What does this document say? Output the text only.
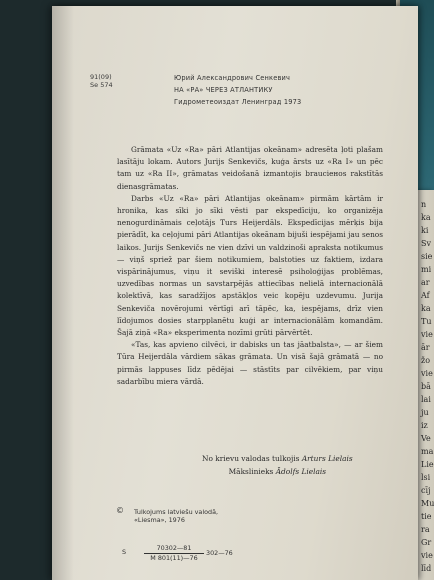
n
ka
ki
Sv
sie
mi
ar
Af
ka
Tu
vie
ār
žo
vie
bā
lai
ju
iz
Ve
ma
Lie
lsi
cīj
Mu
tie
ra
Gr
vie
līd
91(09)
Se 574
Юрий Александрович Сенкевич
НА «РА» ЧЕРЕЗ АТЛАНТИКУ
Гидрометеоиздат Ленинград 1973

Grāmata «Uz «Ra» pāri Atlantijas okeānam» adresēta ļoti plašam lasītāju lokam. Autors Jurijs Senkevičs, kuģa ārsts uz «Ra I» un pēc tam uz «Ra II», grāmatas veidošanā izmantojis brauciенos rakstītās dienasgrāmatas.

Darbs «Uz «Ra» pāri Atlantijas okeānam» pirmām kārtām ir hronika, kas sīki jo sīki vēsti par ekspedīciju, ko organizēja nenogurdināmais ceļotājs Turs Heijerdāls. Ekspedīcijas mērķis bija pierādīt, ka ceļojumi pāri Atlantijas okeānam bijuši iespējami jau senos laikos. Jurijs Senkevičs ne vien dzīvi un valdzinoši apraksta notikumus — viņš spriež par šiem notikumiem, balstoties uz faktiem, izdara vispārinājumus, viņu it seviški interesē psiholoģijas problēmas, uzvedības normas un savstarpējās attiecības nelielā internacionālā kolektīvā, kas saradžījos apstākļos veic kopēju uzdevumu. Jurija Senkeviča novērojumi vērtīgi arī tāpēc, ka, iespējams, drīz vien līdojumos dosies starpplanētu kuģi ar internacionālām komandām. Šajā ziņā «Ra» eksperimenta nozīmi grūti pārvērtēt.

«Tas, kas apvieno cilvēci, ir dabisks un tas jāatbalsta», — ar šiem Tūra Heijerdāla vārdiem sākas grāmata. Un visā šajā grāmatā — no pirmās lappuses līdz pēdējai — stāstīts par cilvēkiem, par viņu sadarbību miera vārdā.

No krievu valodas tulkojis Arturs Lielais
Mākslinieks Ādolfs Lielais
© Tulkojums latviešu valodā,
«Liesma», 1976
S	$\frac{70302—81}{M 801(11)—76}$ 302—76
